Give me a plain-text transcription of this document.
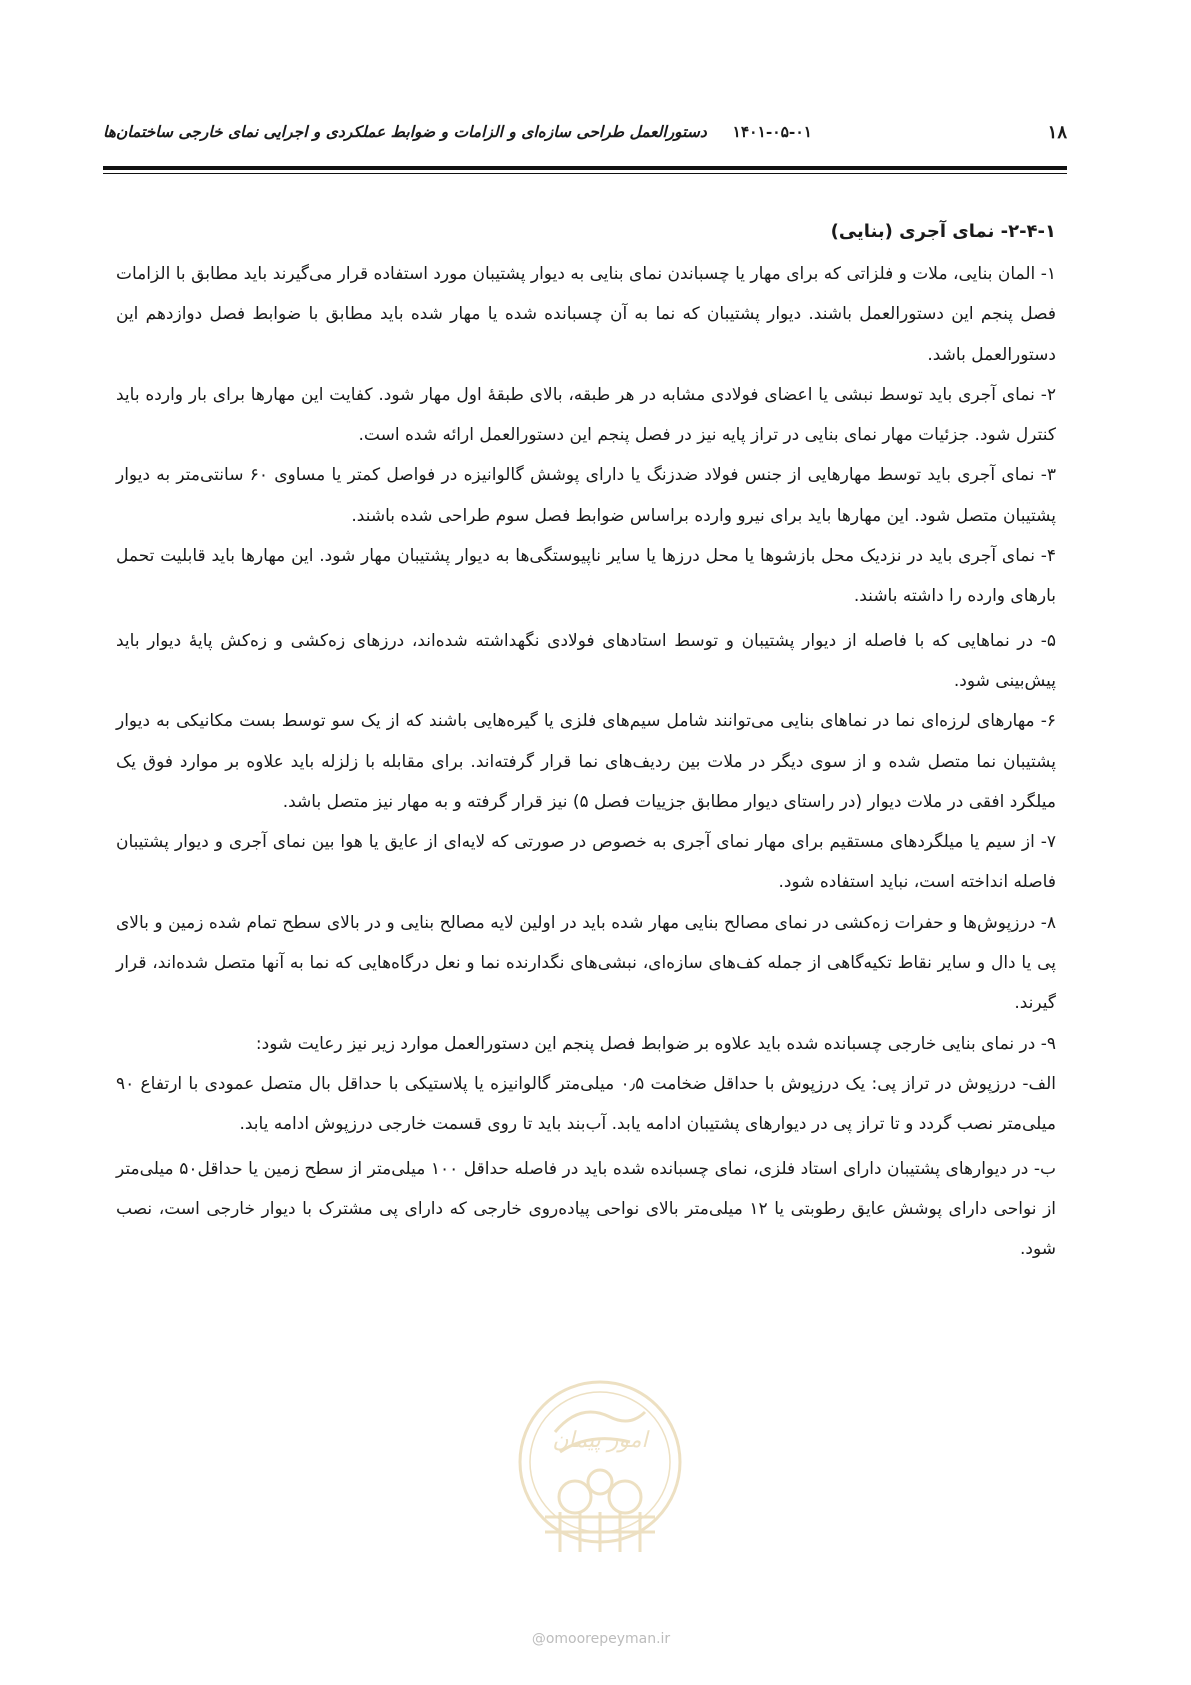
۱۸
۱۴۰۱-۰۵-۰۱
دستورالعمل طراحی سازه‌ای و الزامات و ضوابط عملکردی و اجرایی نمای خارجی ساختمان‌ها
۲-۴-۱- نمای آجری (بنایی)

۱- المان بنایی، ملات و فلزاتی که برای مهار یا چسباندن نمای بنایی به دیوار پشتیبان مورد استفاده قرار می‌گیرند باید مطابق با الزامات فصل پنجم این دستورالعمل باشند. دیوار پشتیبان که نما به آن چسبانده شده یا مهار شده باید مطابق با ضوابط فصل دوازدهم این دستورالعمل باشد.

۲- نمای آجری باید توسط نبشی یا اعضای فولادی مشابه در هر طبقه، بالای طبقۀ اول مهار شود. کفایت این مهارها برای بار وارده باید کنترل شود. جزئیات مهار نمای بنایی در تراز پایه نیز در فصل پنجم این دستورالعمل ارائه شده است.

۳- نمای آجری باید توسط مهارهایی از جنس فولاد ضدزنگ یا دارای پوشش گالوانیزه در فواصل کمتر یا مساوی ۶۰ سانتی‌متر به دیوار پشتیبان متصل شود. این مهارها باید برای نیرو وارده براساس ضوابط فصل سوم طراحی شده باشند.

۴- نمای آجری باید در نزدیک محل بازشوها یا محل درزها یا سایر ناپیوستگی‌ها به دیوار پشتیبان مهار شود. این مهارها باید قابلیت تحمل بارهای وارده را داشته باشند.

۵- در نماهایی که با فاصله از دیوار پشتیبان و توسط استادهای فولادی نگهداشته شده‌اند، درزهای زه‌کشی و زه‌کش پایۀ دیوار باید پیش‌بینی شود.

۶- مهارهای لرزه‌ای نما در نماهای بنایی می‌توانند شامل سیم‌های فلزی یا گیره‌هایی باشند که از یک سو توسط بست مکانیکی به دیوار پشتیبان نما متصل شده و از سوی دیگر در ملات بین ردیف‌های نما قرار گرفته‌اند. برای مقابله با زلزله باید علاوه بر موارد فوق یک میلگرد افقی در ملات دیوار (در راستای دیوار مطابق جزییات فصل ۵) نیز قرار گرفته و به مهار نیز متصل باشد.

۷- از سیم یا میلگردهای مستقیم برای مهار نمای آجری به خصوص در صورتی که لایه‌ای از عایق یا هوا بین نمای آجری و دیوار پشتیبان فاصله انداخته است، نباید استفاده شود.

۸- درزپوش‌ها و حفرات زه‌کشی در نمای مصالح بنایی مهار شده باید در اولین لایه مصالح بنایی و در بالای سطح تمام شده زمین و بالای پی یا دال و سایر نقاط تکیه‌گاهی از جمله کف‌های سازه‌ای، نبشی‌های نگدارنده نما و نعل درگاه‌هایی که نما به آنها متصل شده‌اند، قرار گیرند.

۹- در نمای بنایی خارجی چسبانده شده باید علاوه بر ضوابط فصل پنجم این دستورالعمل موارد زیر نیز رعایت شود:

الف- درزپوش در تراز پی: یک درزپوش با حداقل ضخامت ۰٫۵ میلی‌متر گالوانیزه یا پلاستیکی با حداقل بال متصل عمودی با ارتفاع ۹۰ میلی‌متر نصب گردد و تا تراز پی در دیوارهای پشتیبان ادامه یابد. آب‌بند باید تا روی قسمت خارجی درزپوش ادامه یابد.

ب- در دیوارهای پشتیبان دارای استاد فلزی، نمای چسبانده شده باید در فاصله حداقل ۱۰۰ میلی‌متر از سطح زمین یا حداقل۵۰ میلی‌متر از نواحی دارای پوشش عایق رطوبتی یا ۱۲ میلی‌متر بالای نواحی پیاده‌روی خارجی که دارای پی مشترک با دیوار خارجی است، نصب شود.

امور پیمان
@omoorepeyman.ir
